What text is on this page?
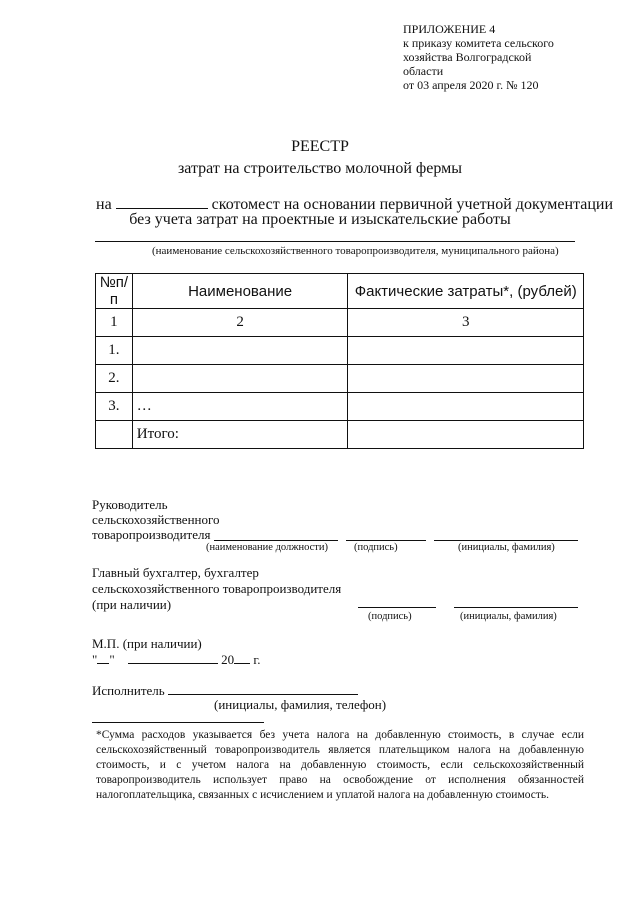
ПРИЛОЖЕНИЕ 4
к приказу комитета сельского
хозяйства Волгоградской
области
от 03 апреля 2020 г. № 120
РЕЕСТР
затрат на строительство молочной фермы
на	скотомест на основании первичной учетной документации
без учета затрат на проектные и изыскательские работы
(наименование сельскохозяйственного товаропроизводителя, муниципального района)
№п/п	Наименование	Фактические затраты*, (рублей)
1	2	3
1.		
2.		
3.	…	
	Итого:	
Руководитель
сельскохозяйственного
товаропроизводителя
(наименование должности) (подпись)	(инициалы, фамилия)
Главный бухгалтер, бухгалтер
сельскохозяйственного товаропроизводителя
(при наличии)
(подпись)	(инициалы, фамилия)
М.П. (при наличии)
" "	20 г.
Исполнитель
(инициалы, фамилия, телефон)
*Сумма расходов указывается без учета налога на добавленную стоимость, в случае если сельскохозяйственный товаропроизводитель является плательщиком налога на добавленную стоимость, и с учетом налога на добавленную стоимость, если сельскохозяйственный товаропроизводитель использует право на освобождение от исполнения обязанностей налогоплательщика, связанных с исчислением и уплатой налога на добавленную стоимость.
